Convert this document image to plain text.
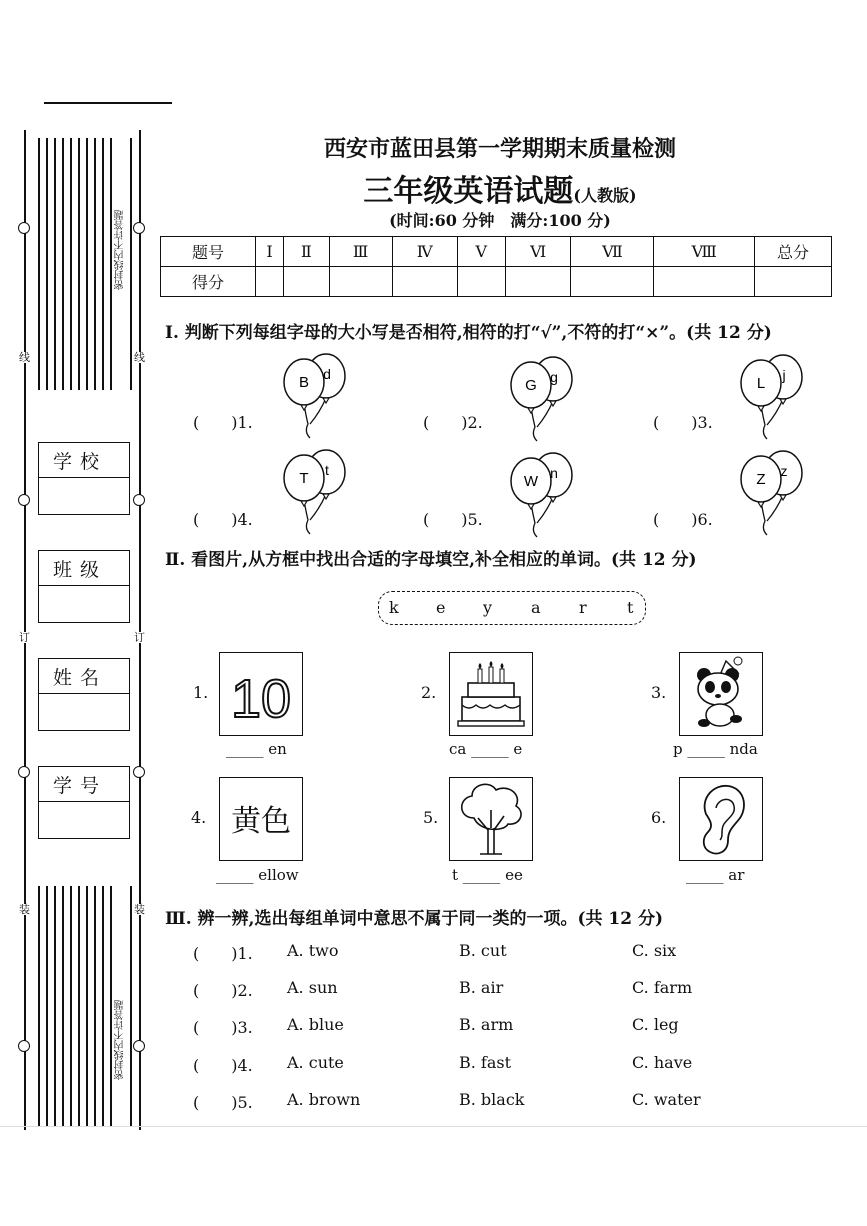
线	线
订	订
装	装
密封线内不许答题
密封线内不许答题
学校
班级
姓名
学号
西安市蓝田县第一学期期末质量检测
三年级英语试题(人教版)
(时间:60 分钟　满分:100 分)
题号	Ⅰ	Ⅱ	Ⅲ	Ⅳ	Ⅴ	Ⅵ	Ⅶ	Ⅷ	总分
得分									
Ⅰ. 判断下列每组字母的大小写是否相符,相符的打“√”,不符的打“×”。(共 12 分)
B d
G g	L j
T t
W n	Z z
(　　)1.	(　　)2.	(　　)3.
(　　)4.	(　　)5.	(　　)6.
Ⅱ. 看图片,从方框中找出合适的字母填空,补全相应的单词。(共 12 分)
k e y a r	t
1. 10
_____ en
2.
ca _____ e
3.
p _____ nda
4. 黄色
_____ ellow
5.
t _____ ee
6.
_____ ar
Ⅲ. 辨一辨,选出每组单词中意思不属于同一类的一项。(共 12 分)
(　　)1. A. two	B. cut	C. six
(　　)2. A. sun	B. air	C. farm
(　　)3. A. blue	B. arm	C. leg
(　　)4. A. cute	B. fast	C. have
(　　)5. A. brown	B. black	C. water
